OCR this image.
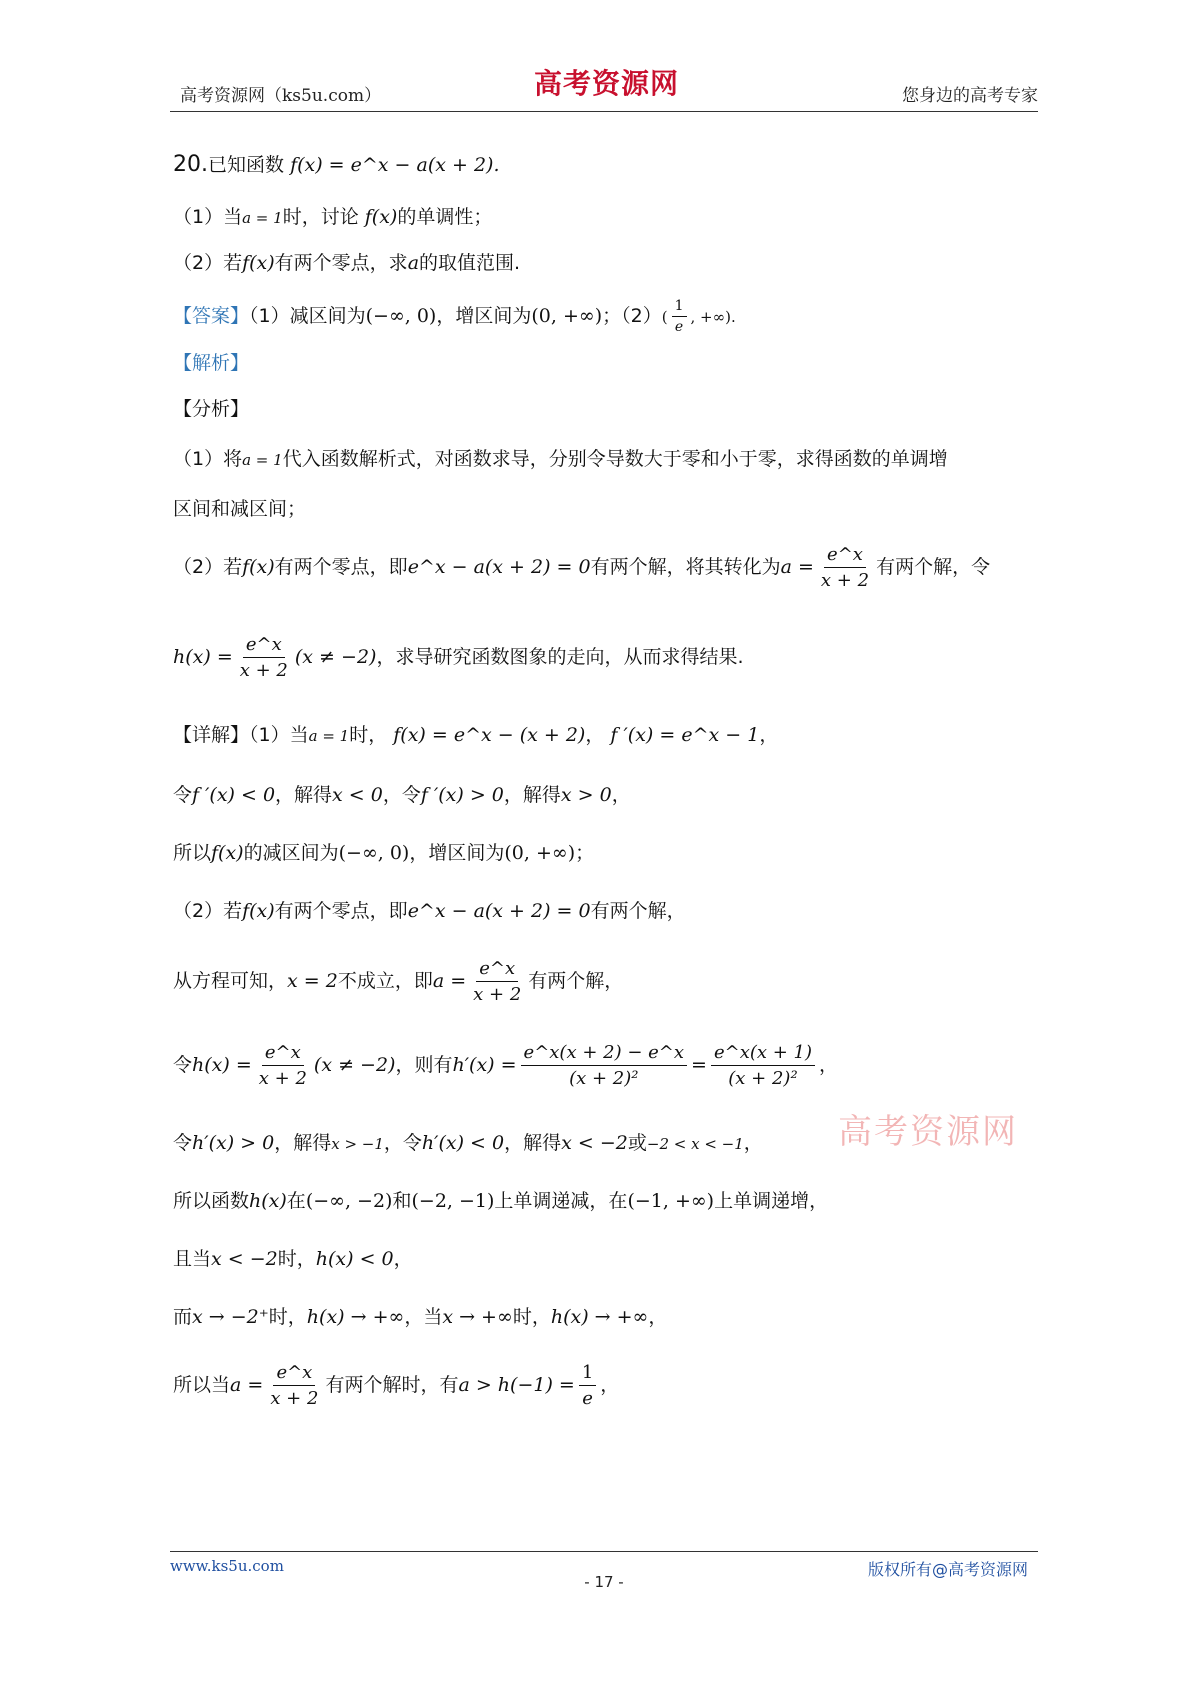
高考资源网（ks5u.com）	高考资源网	您身边的高考专家
20.已知函数 f(x) = e^x − a(x + 2).
（1）当a = 1时，讨论 f(x)的单调性；
（2）若f(x)有两个零点，求a的取值范围.
【答案】（1）减区间为(−∞, 0)，增区间为(0, +∞)；$(2)( \frac{1}{e}$ , +∞).
【解析】
【分析】
（1）将a = 1代入函数解析式，对函数求导，分别令导数大于零和小于零，求得函数的单调增
区间和减区间；
（2）若f(x)有两个零点，即e^x − a(x + 2) = 0有两个解，将其转化为$a = \frac{e\^{}x}{x + 2}$ 有两个解，令
$h(x) = \frac{e\^{}x}{x + 2} (x \ne -2)$，求导研究函数图象的走向，从而求得结果.
【详解】（1）当a = 1时， f(x) = e^x − (x + 2)， f ′(x) = e^x − 1，
令f ′(x) < 0，解得x < 0，令f ′(x) > 0，解得x > 0，
所以f(x)的减区间为(−∞, 0)，增区间为(0, +∞)；
（2）若f(x)有两个零点，即e^x − a(x + 2) = 0有两个解，
从方程可知，x = 2不成立，即$a = \frac{e\^{}x}{x + 2}$ 有两个解，
令$h(x) = \frac{e\^{}x}{x + 2} (x \ne -2)$，则有$h'(x) = \frac{e\^{}x(x + 2) - e\^{}x}{\text{(x + 2)²}} = \frac{e\^{}x(x + 1)}{\text{(x + 2)²}}$ ，
令h′(x) > 0，解得x > −1，令h′(x) < 0，解得x < −2或−2 < x < −1，
所以函数h(x)在(−∞, −2)和(−2, −1)上单调递减，在(−1, +∞)上单调递增，
且当x < −2时，h(x) < 0，
而x → −2⁺时，h(x) → +∞，当x → +∞时，h(x) → +∞，
所以当$a = \frac{e\^{}x}{x + 2}$ 有两个解时，有$a > h(-1) = \frac{1}{e}$ ，
高考资源网
www.ks5u.com
- 17 -
版权所有@高考资源网
